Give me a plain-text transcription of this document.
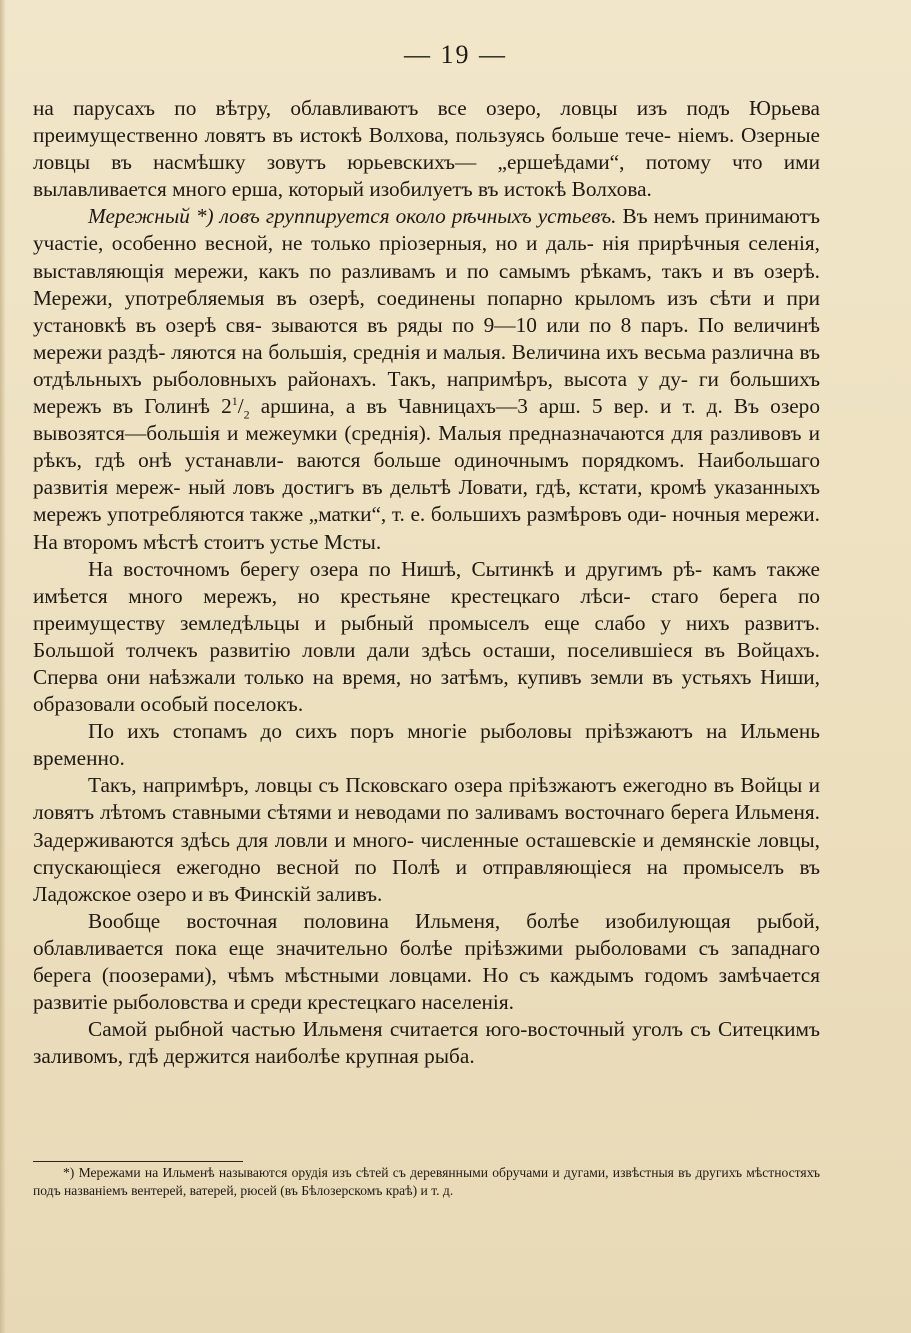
— 19 —

на парусахъ по вѣтру, облавливаютъ все озеро, ловцы изъ подъ Юрьева преимущественно ловятъ въ истокѣ Волхова, пользуясь больше тече- ніемъ. Озерные ловцы въ насмѣшку зовутъ юрьевскихъ— „ершеѣдами“, потому что ими вылавливается много ерша, который изобилуетъ въ истокѣ Волхова.

Мережный *) ловъ группируется около рѣчныхъ устьевъ. Въ немъ принимаютъ участіе, особенно весной, не только пріозерныя, но и даль- нія прирѣчныя селенія, выставляющія мережи, какъ по разливамъ и по самымъ рѣкамъ, такъ и въ озерѣ. Мережи, употребляемыя въ озерѣ, соединены попарно крыломъ изъ сѣти и при установкѣ въ озерѣ свя- зываются въ ряды по 9—10 или по 8 паръ. По величинѣ мережи раздѣ- ляются на большія, среднія и малыя. Величина ихъ весьма различна въ отдѣльныхъ рыболовныхъ районахъ. Такъ, напримѣръ, высота у ду- ги большихъ мережъ въ Голинѣ $2^1/_2$ аршина, а въ Чавницахъ—3 арш. 5 вер. и т. д. Въ озеро вывозятся—большія и межеумки (среднія). Малыя предназначаются для разливовъ и рѣкъ, гдѣ онѣ устанавли- ваются больше одиночнымъ порядкомъ. Наибольшаго развитія мереж- ный ловъ достигъ въ дельтѣ Ловати, гдѣ, кстати, кромѣ указанныхъ мережъ употребляются также „матки“, т. е. большихъ размѣровъ оди- ночныя мережи. На второмъ мѣстѣ стоитъ устье Мсты.

На восточномъ берегу озера по Нишѣ, Сытинкѣ и другимъ рѣ- камъ также имѣется много мережъ, но крестьяне крестецкаго лѣси- стаго берега по преимуществу земледѣльцы и рыбный промыселъ еще слабо у нихъ развитъ. Большой толчекъ развитію ловли дали здѣсь осташи, поселившіеся въ Войцахъ. Сперва они наѣзжали только на время, но затѣмъ, купивъ земли въ устьяхъ Ниши, образовали особый поселокъ.

По ихъ стопамъ до сихъ поръ многіе рыболовы пріѣзжаютъ на Ильмень временно.

Такъ, напримѣръ, ловцы съ Псковскаго озера пріѣзжаютъ ежегодно въ Войцы и ловятъ лѣтомъ ставными сѣтями и неводами по заливамъ восточнаго берега Ильменя. Задерживаются здѣсь для ловли и много- численные осташевскіе и демянскіе ловцы, спускающіеся ежегодно весной по Полѣ и отправляющіеся на промыселъ въ Ладожское озеро и въ Финскій заливъ.

Вообще восточная половина Ильменя, болѣе изобилующая рыбой, облавливается пока еще значительно болѣе пріѣзжими рыболовами съ западнаго берега (поозерами), чѣмъ мѣстными ловцами. Но съ каждымъ годомъ замѣчается развитіе рыболовства и среди крестецкаго населенія.

Самой рыбной частью Ильменя считается юго-восточный уголъ съ Ситецкимъ заливомъ, гдѣ держится наиболѣе крупная рыба.

*) Мережами на Ильменѣ называются орудія изъ сѣтей съ деревянными обручами и дугами, извѣстныя въ другихъ мѣстностяхъ подъ названіемъ вентерей, ватерей, рюсей (въ Бѣлозерскомъ краѣ) и т. д.
